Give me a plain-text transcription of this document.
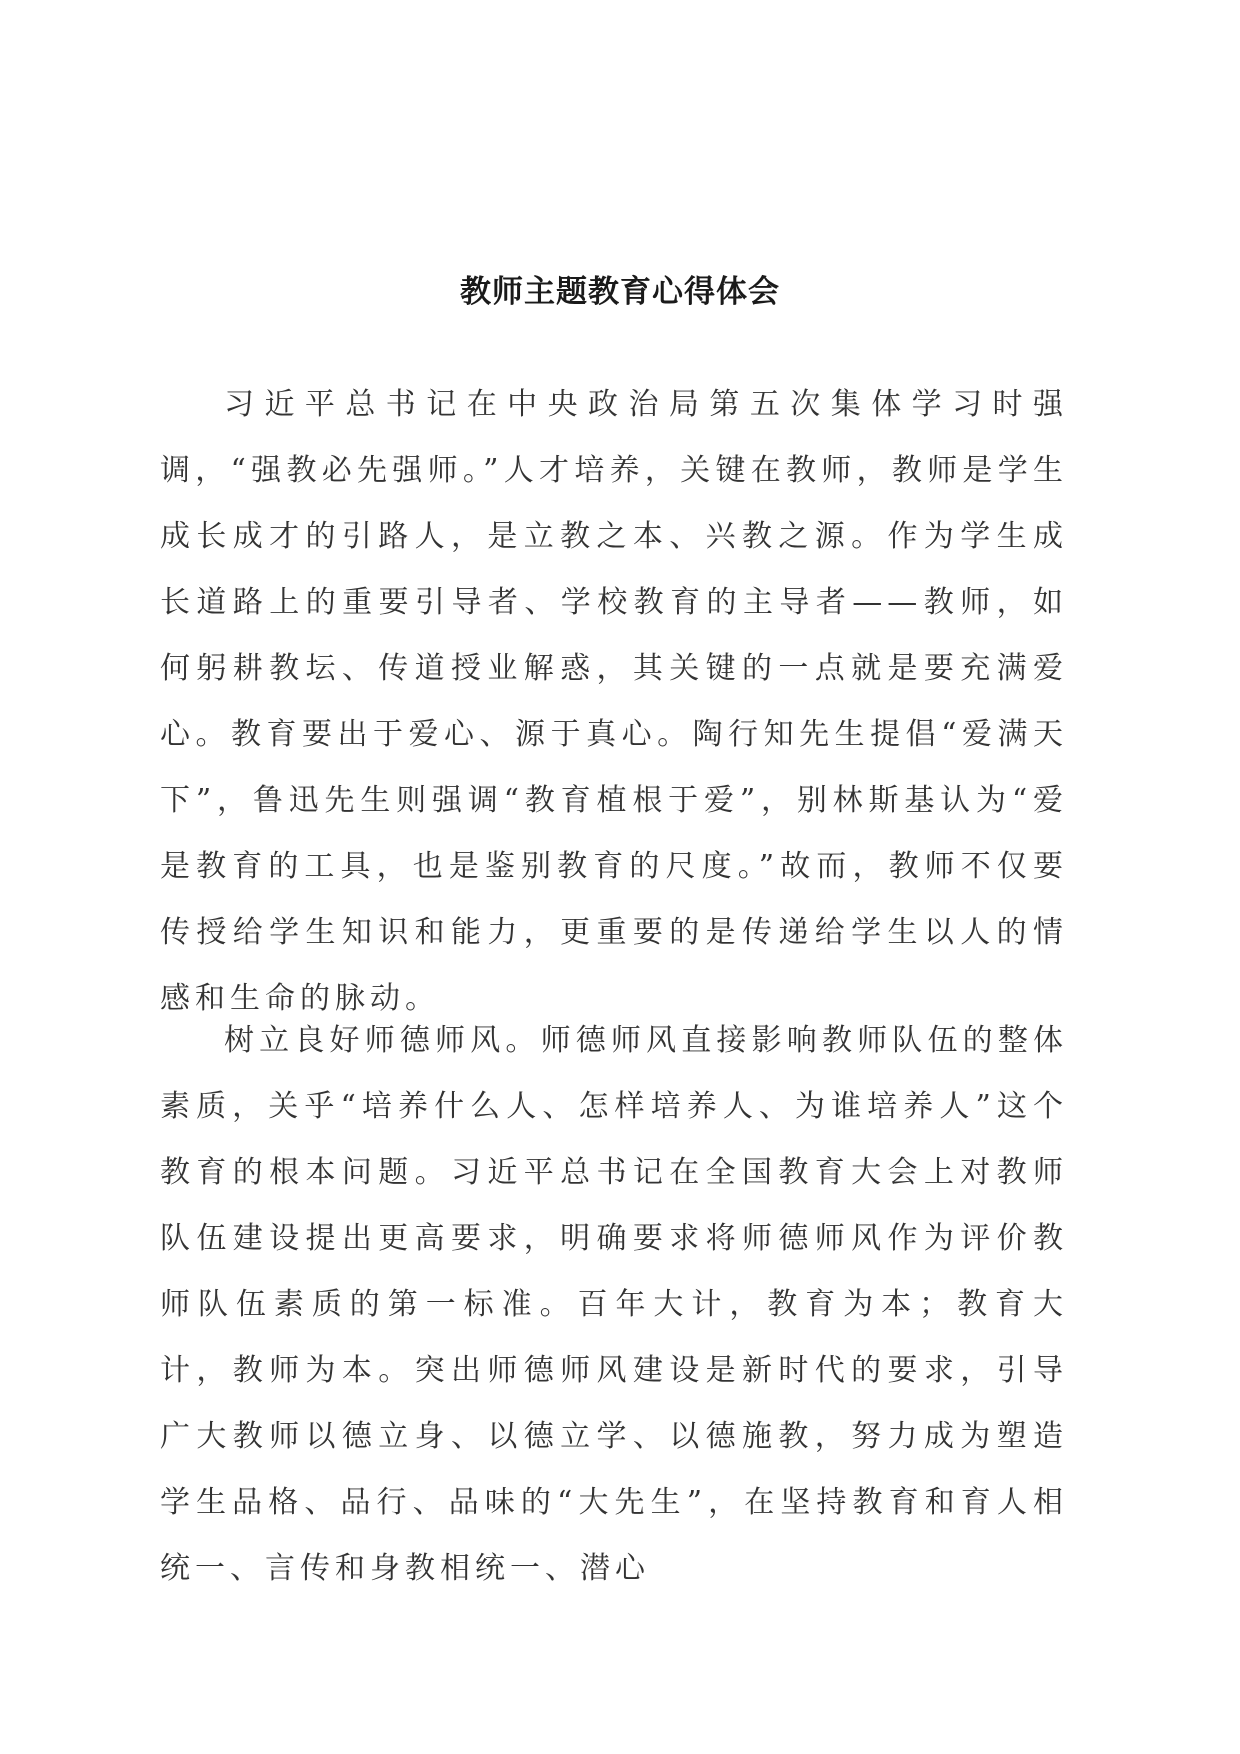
教师主题教育心得体会

习近平总书记在中央政治局第五次集体学习时强调，“强教必先强师。”人才培养，关键在教师，教师是学生成长成才的引路人，是立教之本、兴教之源。作为学生成长道路上的重要引导者、学校教育的主导者——教师，如何躬耕教坛、传道授业解惑，其关键的一点就是要充满爱心。教育要出于爱心、源于真心。陶行知先生提倡“爱满天下”，鲁迅先生则强调“教育植根于爱”，别林斯基认为“爱是教育的工具，也是鉴别教育的尺度。”故而，教师不仅要传授给学生知识和能力，更重要的是传递给学生以人的情感和生命的脉动。

树立良好师德师风。师德师风直接影响教师队伍的整体素质，关乎“培养什么人、怎样培养人、为谁培养人”这个教育的根本问题。习近平总书记在全国教育大会上对教师队伍建设提出更高要求，明确要求将师德师风作为评价教师队伍素质的第一标准。百年大计，教育为本；教育大计，教师为本。突出师德师风建设是新时代的要求，引导广大教师以德立身、以德立学、以德施教，努力成为塑造学生品格、品行、品味的“大先生”，在坚持教育和育人相统一、言传和身教相统一、潜心
